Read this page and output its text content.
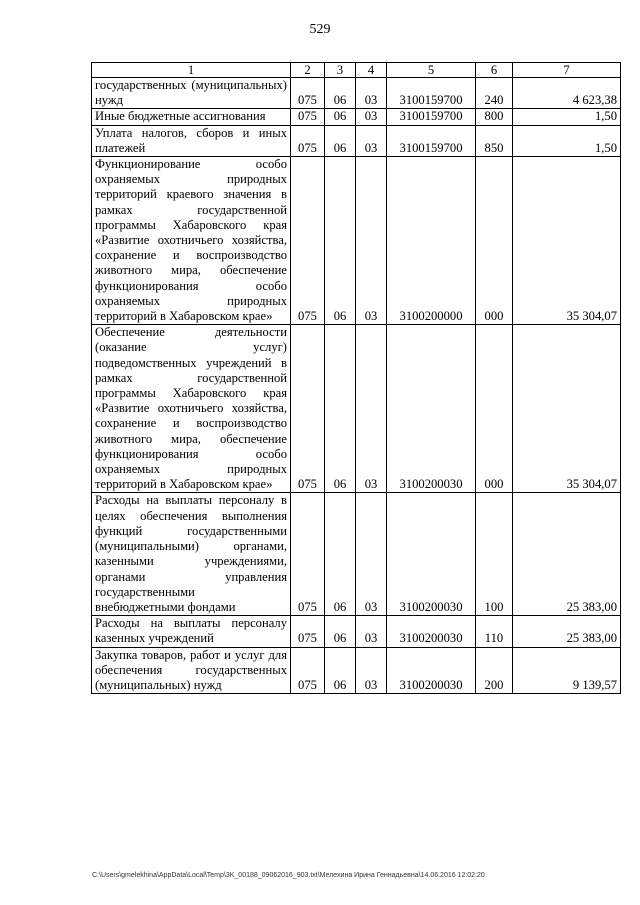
529
1	2	3	4	5	6	7
государственных (муниципальных) нужд	075	06	03	3100159700	240	4 623,38
Иные бюджетные ассигнования	075	06	03	3100159700	800	1,50
Уплата налогов, сборов и иных платежей	075	06	03	3100159700	850	1,50
Функционирование особо охраняемых природных территорий краевого значения в рамках государственной программы Хабаровского края «Развитие охотничьего хозяйства, сохранение и воспроизводство животного мира, обеспечение функционирования особо охраняемых природных территорий в Хабаровском крае»	075	06	03	3100200000	000	35 304,07
Обеспечение деятельности (оказание услуг) подведомственных учреждений в рамках государственной программы Хабаровского края «Развитие охотничьего хозяйства, сохранение и воспроизводство животного мира, обеспечение функционирования особо охраняемых природных территорий в Хабаровском крае»	075	06	03	3100200030	000	35 304,07
Расходы на выплаты персоналу в целях обеспечения выполнения функций государственными (муниципальными) органами, казенными учреждениями, органами управления государственными внебюджетными фондами	075	06	03	3100200030	100	25 383,00
Расходы на выплаты персоналу казенных учреждений	075	06	03	3100200030	110	25 383,00
Закупка товаров, работ и услуг для обеспечения государственных (муниципальных) нужд	075	06	03	3100200030	200	9 139,57
C:\Users\gmelekhina\AppData\Local\Temp\3K_00188_09062016_903.txt\Мелехина Ирина Геннадьевна\14.06.2016 12:02:20
